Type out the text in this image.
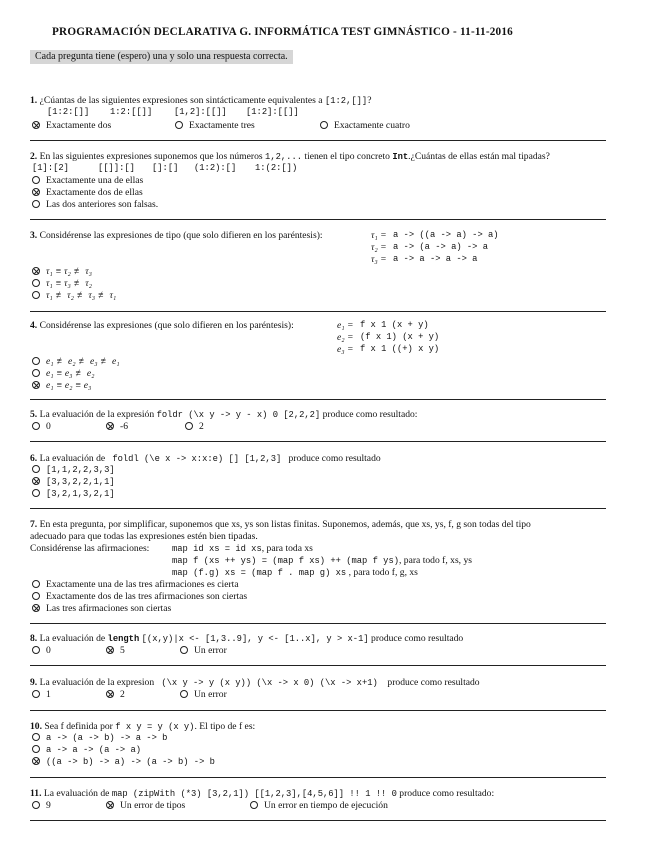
PROGRAMACIÓN DECLARATIVA G. INFORMÁTICA TEST GIMNÁSTICO - 11-11-2016
Cada pregunta tiene (espero) una y solo una respuesta correcta.
1. ¿Cúantas de las siguientes expresiones son sintácticamente equivalentes a [1:2,[]]?
[1:2:[]] 1:2:[[]] [1,2]:[[]] [1:2]:[[]]
Exactamente dos	Exactamente tres	Exactamente cuatro
2. En las siguientes expresiones suponemos que los números 1,2,... tienen el tipo concreto Int.¿Cuántas de ellas están mal tipadas?
[1]:[2]	[[]]:[] []:[] (1:2):[] 1:(2:[])
Exactamente una de ellas
Exactamente dos de ellas
Las dos anteriores son falsas.
3. Considérense las expresiones de tipo (que solo difieren en los paréntesis):	τ₁ = a -> ((a -> a) -> a)
τ₂ = a -> (a -> a) -> a
τ₃ = a -> a -> a -> a
τ₁ ≡ τ₂ ≢ τ₃
τ₁ ≡ τ₃ ≢ τ₂
τ₁ ≢ τ₂ ≢ τ₃ ≢ τ₁
4. Considérense las expresiones (que solo difieren en los paréntesis):	e₁ = f x 1 (x + y)
e₂ = (f x 1) (x + y)
e₃ = f x 1 ((+) x y)
e₁ ≢ e₂ ≢ e₃ ≢ e₁
e₁ ≡ e₃ ≢ e₂
e₁ ≡ e₂ ≡ e₃
5. La evaluación de la expresión foldr (\x y -> y - x) 0 [2,2,2] produce como resultado:
0	-6	2
6. La evaluación de foldl (\e x -> x:x:e) [] [1,2,3] produce como resultado
[1,1,2,2,3,3]
[3,3,2,2,1,1]
[3,2,1,3,2,1]
7. En esta pregunta, por simplificar, suponemos que xs, ys son listas finitas. Suponemos, además, que xs, ys, f, g son todas del tipo
adecuado para que todas las expresiones estén bien tipadas.
Considérense las afirmaciones:	map id xs = id xs, para toda xs
map f (xs ++ ys) = (map f xs) ++ (map f ys), para todo f, xs, ys
map (f.g) xs = (map f . map g) xs , para todo f, g, xs
Exactamente una de las tres afirmaciones es cierta
Exactamente dos de las tres afirmaciones son ciertas
Las tres afirmaciones son ciertas
8. La evaluación de length [(x,y)|x <- [1,3..9], y <- [1..x], y > x-1] produce como resultado
0	5	Un error
9. La evaluación de la expresion (\x y -> y (x y)) (\x -> x 0) (\x -> x+1) produce como resultado
1	2	Un error
10. Sea f definida por f x y = y (x y). El tipo de f es:
a -> (a -> b) -> a -> b
a -> a -> (a -> a)
((a -> b) -> a) -> (a -> b) -> b
11. La evaluación de map (zipWith (*3) [3,2,1]) [[1,2,3],[4,5,6]] !! 1 !! 0 produce como resultado:
9	Un error de tipos	Un error en tiempo de ejecución
